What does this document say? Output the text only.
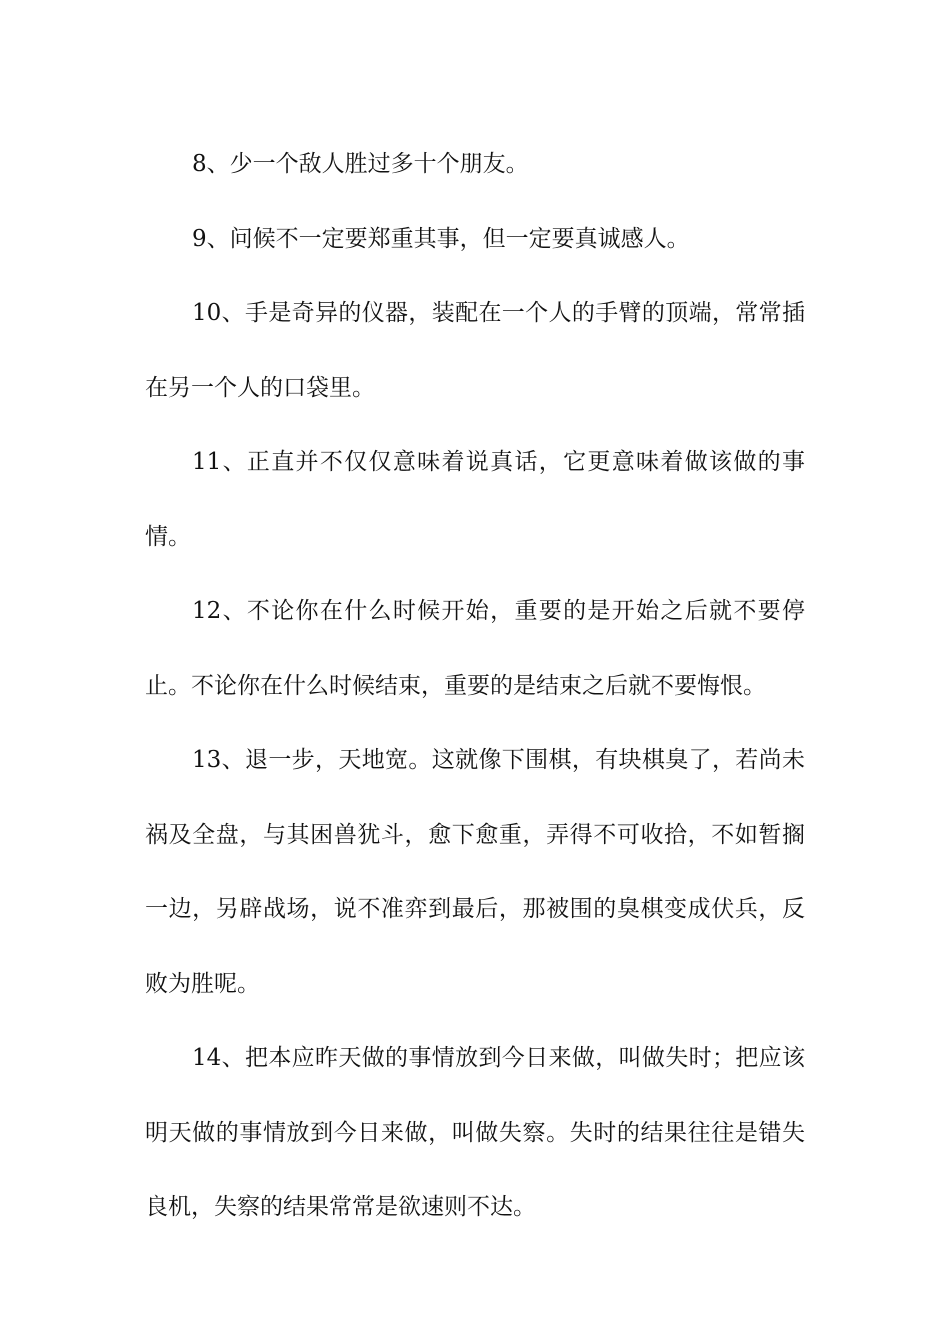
8、少一个敌人胜过多十个朋友。

9、问候不一定要郑重其事，但一定要真诚感人。

10、手是奇异的仪器，装配在一个人的手臂的顶端，常常插在另一个人的口袋里。

11、正直并不仅仅意味着说真话，它更意味着做该做的事情。

12、不论你在什么时候开始，重要的是开始之后就不要停止。不论你在什么时候结束，重要的是结束之后就不要悔恨。

13、退一步，天地宽。这就像下围棋，有块棋臭了，若尚未祸及全盘，与其困兽犹斗，愈下愈重，弄得不可收拾，不如暂搁一边，另辟战场，说不准弈到最后，那被围的臭棋变成伏兵，反败为胜呢。

14、把本应昨天做的事情放到今日来做，叫做失时；把应该明天做的事情放到今日来做，叫做失察。失时的结果往往是错失良机，失察的结果常常是欲速则不达。
